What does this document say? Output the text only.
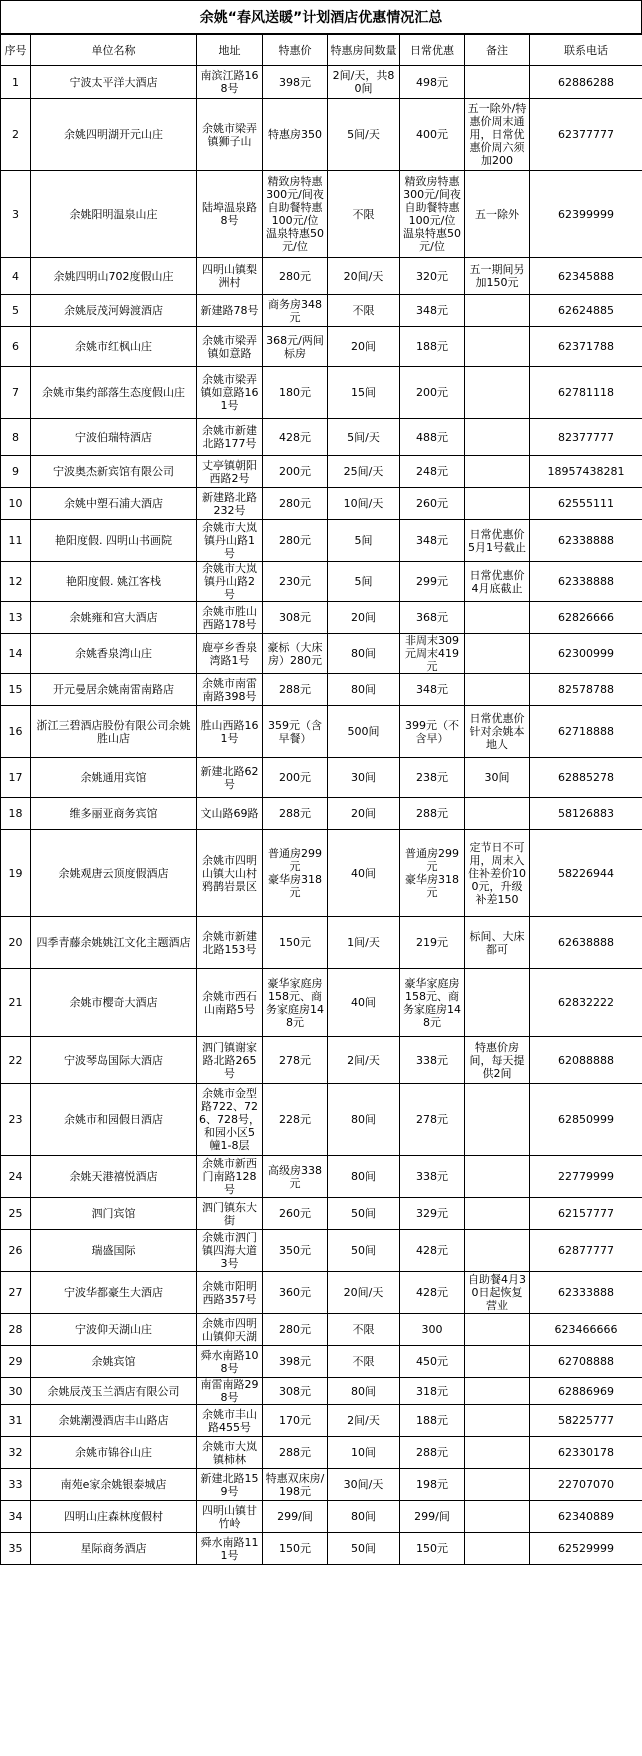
余姚“春风送暖”计划酒店优惠情况汇总
序号	单位名称	地址	特惠价	特惠房间数量	日常优惠	备注	联系电话
1	宁波太平洋大酒店	南滨江路168号	398元	2间/天，共80间	498元		62886288
2	余姚四明湖开元山庄	余姚市梁弄镇狮子山	特惠房350	5间/天	400元	五一除外/特惠价周末通用，日常优惠价周六须加200	62377777
3	余姚阳明温泉山庄	陆埠温泉路8号	精致房特惠300元/间夜
自助餐特惠100元/位
温泉特惠50元/位	不限	精致房特惠300元/间夜
自助餐特惠100元/位
温泉特惠50元/位	五一除外	62399999
4	余姚四明山702度假山庄	四明山镇梨洲村	280元	20间/天	320元	五一期间另加150元	62345888
5	余姚辰茂河姆渡酒店	新建路78号	商务房348元	不限	348元		62624885
6	余姚市红枫山庄	余姚市梁弄镇如意路	368元/两间标房	20间	188元		62371788
7	余姚市集约部落生态度假山庄	余姚市梁弄镇如意路161号	180元	15间	200元		62781118
8	宁波伯瑞特酒店	余姚市新建北路177号	428元	5间/天	488元		82377777
9	宁波奥杰新宾馆有限公司	丈亭镇朝阳西路2号	200元	25间/天	248元		18957438281
10	余姚中塑石浦大酒店	新建路北路232号	280元	10间/天	260元		62555111
11	艳阳度假. 四明山书画院	余姚市大岚镇丹山路1号	280元	5间	348元	日常优惠价5月1号截止	62338888
12	艳阳度假. 姚江客栈	余姚市大岚镇丹山路2号	230元	5间	299元	日常优惠价4月底截止	62338888
13	余姚雍和宫大酒店	余姚市胜山西路178号	308元	20间	368元		62826666
14	余姚香泉湾山庄	鹿亭乡香泉湾路1号	豪标（大床房）280元	80间	非周末309元周末419元		62300999
15	开元曼居余姚南雷南路店	余姚市南雷南路398号	288元	80间	348元		82578788
16	浙江三碧酒店股份有限公司余姚胜山店	胜山西路161号	359元（含早餐）	500间	399元（不含早）	日常优惠价针对余姚本地人	62718888
17	余姚通用宾馆	新建北路62号	200元	30间	238元	30间	62885278
18	维多丽亚商务宾馆	文山路69路	288元	20间	288元		58126883
19	余姚观唐云顶度假酒店	余姚市四明山镇大山村鸦鹊岩景区	普通房299元
豪华房318元	40间	普通房299元
豪华房318元	定节日不可用，周末入住补差价100元，升级补差150	58226944
20	四季青藤余姚姚江文化主题酒店	余姚市新建北路153号	150元	1间/天	219元	标间、大床都可	62638888
21	余姚市樱奇大酒店	余姚市西石山南路5号	豪华家庭房158元、商务家庭房148元	40间	豪华家庭房158元、商务家庭房148元		62832222
22	宁波琴岛国际大酒店	泗门镇谢家路北路265号	278元	2间/天	338元	特惠价房间，每天提供2间	62088888
23	余姚市和园假日酒店	余姚市金型路722、726、728号，和园小区5幢1-8层	228元	80间	278元		62850999
24	余姚天港禧悦酒店	余姚市新西门南路128号	高级房338元	80间	338元		22779999
25	泗门宾馆	泗门镇东大街	260元	50间	329元		62157777
26	瑞盛国际	余姚市泗门镇四海大道3号	350元	50间	428元		62877777
27	宁波华都豪生大酒店	余姚市阳明西路357号	360元	20间/天	428元	自助餐4月30日起恢复营业	62333888
28	宁波仰天湖山庄	余姚市四明山镇仰天湖	280元	不限	300		623466666
29	余姚宾馆	舜水南路108号	398元	不限	450元		62708888
30	余姚辰茂玉兰酒店有限公司	南雷南路298号	308元	80间	318元		62886969
31	余姚潮漫酒店丰山路店	余姚市丰山路455号	170元	2间/天	188元		58225777
32	余姚市锦谷山庄	余姚市大岚镇柿林	288元	10间	288元		62330178
33	南苑e家余姚银泰城店	新建北路159号	特惠双床房/198元	30间/天	198元		22707070
34	四明山庄森林度假村	四明山镇甘竹岭	299/间	80间	299/间		62340889
35	星际商务酒店	舜水南路111号	150元	50间	150元		62529999
